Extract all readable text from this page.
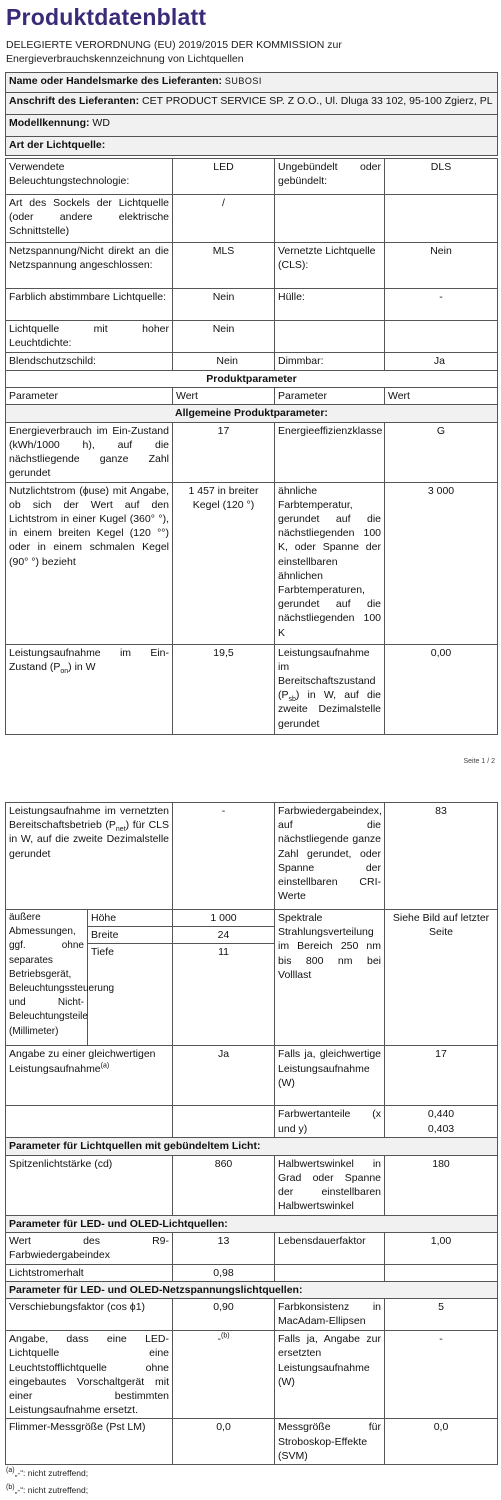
Produktdatenblatt
DELEGIERTE VERORDNUNG (EU) 2019/2015 DER KOMMISSION zur Energieverbrauchskennzeichnung von Lichtquellen
Name oder Handelsmarke des Lieferanten: SUBOSI
Anschrift des Lieferanten: CET PRODUCT SERVICE SP. Z O.O., Ul. Dluga 33 102, 95-100 Zgierz, PL
Modellkennung: WD
Art der Lichtquelle:
Verwendete Beleuchtungstechnologie:	LED	Ungebündelt oder gebündelt:	DLS
Art des Sockels der Lichtquelle (oder andere elektrische Schnittstelle)	/		
Netzspannung/Nicht direkt an die Netzspannung angeschlossen:	MLS	Vernetzte Lichtquelle (CLS):	Nein
Farblich abstimmbare Lichtquelle:	Nein	Hülle:	-
Lichtquelle mit hoher Leuchtdichte:	Nein		
Blendschutzschild:	Nein	Dimmbar:	Ja
Produktparameter			
Parameter	Wert	Parameter	Wert
Allgemeine Produktparameter:			
Energieverbrauch im Ein-Zustand (kWh/1000 h), auf die nächstliegende ganze Zahl gerundet	17	Energieeffizienzklasse	G
Nutzlichtstrom (ϕuse) mit Angabe, ob sich der Wert auf den Lichtstrom in einer Kugel (360° °), in einem breiten Kegel (120 °°) oder in einem schmalen Kegel (90° °) bezieht	1 457 in breiter Kegel (120 °)	ähnliche Farbtemperatur, gerundet auf die nächstliegenden 100 K, oder Spanne der einstellbaren ähnlichen Farbtemperaturen, gerundet auf die nächstliegenden 100 K	3 000
Leistungsaufnahme im Ein-Zustand $(P_{on})$ in W	19,5	Leistungsaufnahme im Bereitschaftszustand $(P_{sb})$ in W, auf die zweite Dezimalstelle gerundet	0,00
Seite 1 / 2
Leistungsaufnahme im vernetzten Bereitschaftsbetrieb $(P_{net})$ für CLS in W, auf die zweite Dezimalstelle gerundet		-	Farbwiedergabeindex, auf die nächstliegende ganze Zahl gerundet, oder Spanne der einstellbaren CRI-Werte	83
äußere Abmessungen, ggf. ohne separates Betriebsgerät, Beleuchtungssteuerung und Nicht-Beleuchtungsteile (Millimeter)	Höhe	1 000	Spektrale Strahlungsverteilung im Bereich 250 nm bis 800 nm bei Volllast	Siehe Bild auf letzter Seite
	Breite	24		
	Tiefe	11		
Angabe zu einer gleichwertigen Leistungsaufnahme$^{(a)}$		Ja	Falls ja, gleichwertige Leistungsaufnahme (W)	17
			Farbwertanteile (x und y)	0,440
0,403

Parameter für Lichtquellen mit gebündeltem Licht:				
Spitzenlichtstärke (cd)		860	Halbwertswinkel in Grad oder Spanne der einstellbaren Halbwertswinkel	180
Parameter für LED- und OLED-Lichtquellen:				
Wert des R9-Farbwiedergabeindex		13	Lebensdauerfaktor	1,00
Lichtstromerhalt		0,98		
Parameter für LED- und OLED-Netzspannungslichtquellen:				
Verschiebungsfaktor (cos ϕ1)		0,90	Farbkonsistenz in MacAdam-Ellipsen	5
Angabe, dass eine LED-Lichtquelle eine Leuchtstofflichtquelle ohne eingebautes Vorschaltgerät mit einer bestimmten Leistungsaufnahme ersetzt.		-$^{(b)}$	Falls ja, Angabe zur ersetzten Leistungsaufnahme (W)	-
Flimmer-Messgröße (Pst LM)		0,0	Messgröße für Stroboskop-Effekte (SVM)	0,0
$^{(a)}$„-“: nicht zutreffend;
$^{(b)}$„-“: nicht zutreffend;
